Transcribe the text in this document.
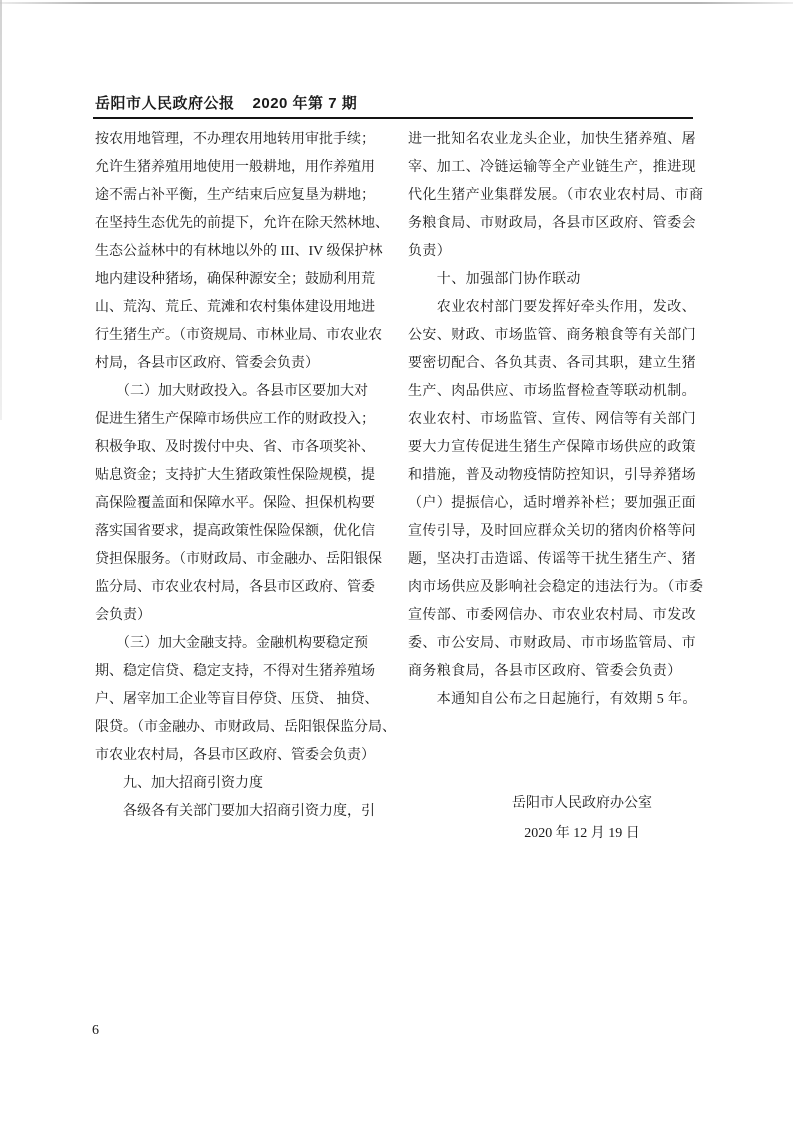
岳阳市人民政府公报 2020 年第 7 期
按农用地管理，不办理农用地转用审批手续；
允许生猪养殖用地使用一般耕地，用作养殖用
途不需占补平衡，生产结束后应复垦为耕地；
在坚持生态优先的前提下，允许在除天然林地、
生态公益林中的有林地以外的 III、IV 级保护林
地内建设种猪场，确保种源安全；鼓励利用荒
山、荒沟、荒丘、荒滩和农村集体建设用地进
行生猪生产。（市资规局、市林业局、市农业农
村局，各县市区政府、管委会负责）
　　（二）加大财政投入。各县市区要加大对
促进生猪生产保障市场供应工作的财政投入；
积极争取、及时拨付中央、省、市各项奖补、
贴息资金；支持扩大生猪政策性保险规模，提
高保险覆盖面和保障水平。保险、担保机构要
落实国省要求，提高政策性保险保额，优化信
贷担保服务。（市财政局、市金融办、岳阳银保
监分局、市农业农村局，各县市区政府、管委
会负责）
　　（三）加大金融支持。金融机构要稳定预
期、稳定信贷、稳定支持，不得对生猪养殖场
户、屠宰加工企业等盲目停贷、压贷、 抽贷、
限贷。（市金融办、市财政局、岳阳银保监分局、
市农业农村局，各县市区政府、管委会负责）
　　九、加大招商引资力度
　　各级各有关部门要加大招商引资力度，引
进一批知名农业龙头企业，加快生猪养殖、屠
宰、加工、冷链运输等全产业链生产，推进现
代化生猪产业集群发展。（市农业农村局、市商
务粮食局、市财政局，各县市区政府、管委会
负责）
　　十、加强部门协作联动
　　农业农村部门要发挥好牵头作用，发改、
公安、财政、市场监管、商务粮食等有关部门
要密切配合、各负其责、各司其职，建立生猪
生产、肉品供应、市场监督检查等联动机制。
农业农村、市场监管、宣传、网信等有关部门
要大力宣传促进生猪生产保障市场供应的政策
和措施，普及动物疫情防控知识，引导养猪场
（户）提振信心，适时增养补栏；要加强正面
宣传引导，及时回应群众关切的猪肉价格等问
题，坚决打击造谣、传谣等干扰生猪生产、猪
肉市场供应及影响社会稳定的违法行为。（市委
宣传部、市委网信办、市农业农村局、市发改
委、市公安局、市财政局、市市场监管局、市
商务粮食局，各县市区政府、管委会负责）
　　本通知自公布之日起施行，有效期 5 年。
岳阳市人民政府办公室
2020 年 12 月 19 日
6
